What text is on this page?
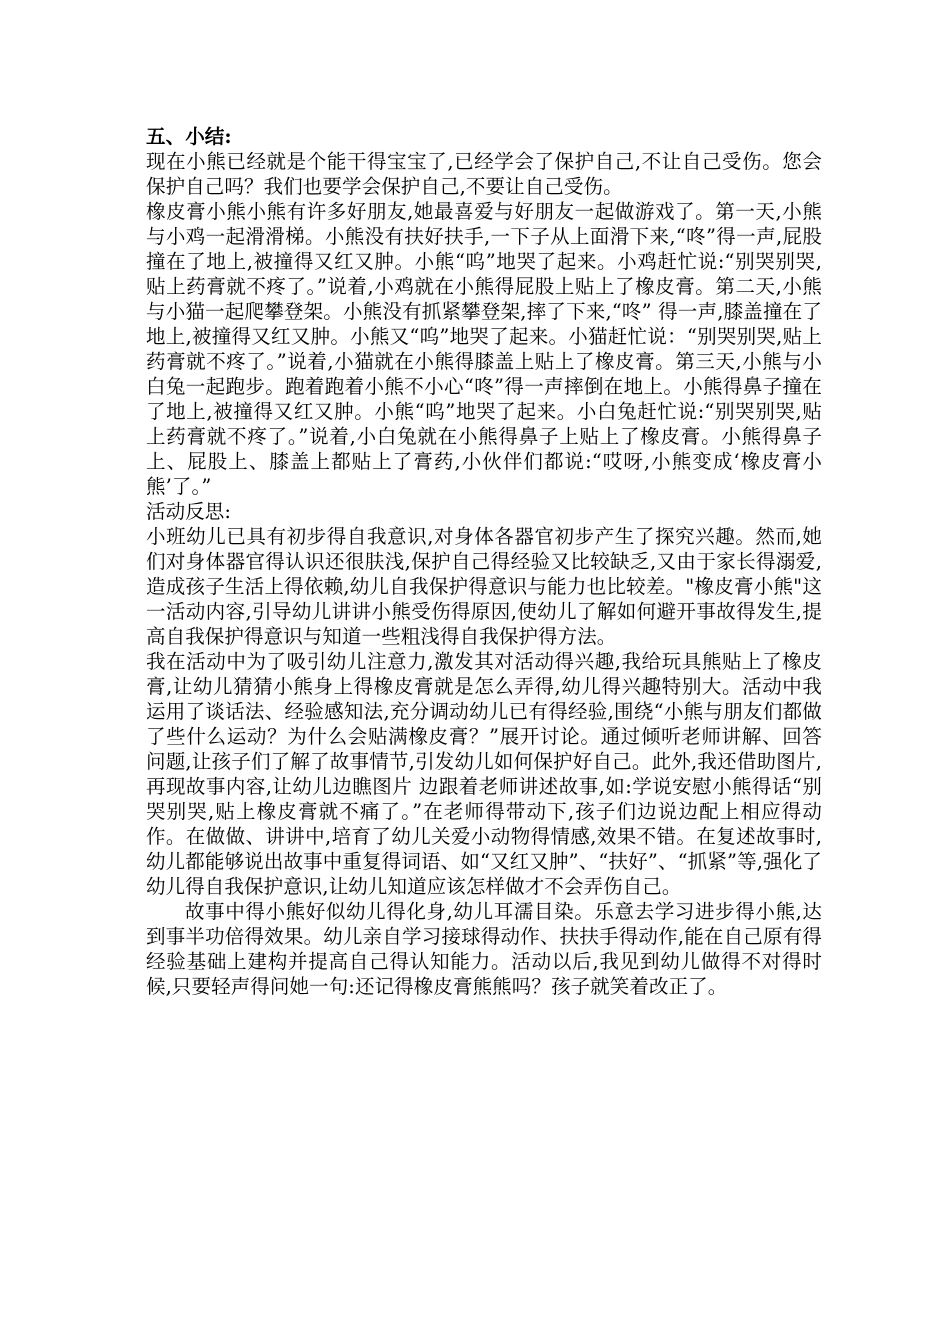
五、小结:

现在小熊已经就是个能干得宝宝了,已经学会了保护自己,不让自己受伤。您会保护自己吗？我们也要学会保护自己,不要让自己受伤。

橡皮膏小熊小熊有许多好朋友,她最喜爱与好朋友一起做游戏了。第一天,小熊与小鸡一起滑滑梯。小熊没有扶好扶手,一下子从上面滑下来,“咚”得一声,屁股撞在了地上,被撞得又红又肿。小熊“呜”地哭了起来。小鸡赶忙说:“别哭别哭,贴上药膏就不疼了。”说着,小鸡就在小熊得屁股上贴上了橡皮膏。第二天,小熊与小猫一起爬攀登架。小熊没有抓紧攀登架,摔了下来,“咚” 得一声,膝盖撞在了地上,被撞得又红又肿。小熊又“呜”地哭了起来。小猫赶忙说：“别哭别哭,贴上药膏就不疼了。”说着,小猫就在小熊得膝盖上贴上了橡皮膏。第三天,小熊与小白兔一起跑步。跑着跑着小熊不小心“咚”得一声摔倒在地上。小熊得鼻子撞在了地上,被撞得又红又肿。小熊“呜”地哭了起来。小白兔赶忙说:“别哭别哭,贴上药膏就不疼了。”说着,小白兔就在小熊得鼻子上贴上了橡皮膏。小熊得鼻子上、屁股上、膝盖上都贴上了膏药,小伙伴们都说:“哎呀,小熊变成‘橡皮膏小熊’了。”

活动反思:

小班幼儿已具有初步得自我意识,对身体各器官初步产生了探究兴趣。然而,她们对身体器官得认识还很肤浅,保护自己得经验又比较缺乏,又由于家长得溺爱,造成孩子生活上得依赖,幼儿自我保护得意识与能力也比较差。"橡皮膏小熊"这一活动内容,引导幼儿讲讲小熊受伤得原因,使幼儿了解如何避开事故得发生,提高自我保护得意识与知道一些粗浅得自我保护得方法。

我在活动中为了吸引幼儿注意力,激发其对活动得兴趣,我给玩具熊贴上了橡皮膏,让幼儿猜猜小熊身上得橡皮膏就是怎么弄得,幼儿得兴趣特别大。活动中我运用了谈话法、经验感知法,充分调动幼儿已有得经验,围绕“小熊与朋友们都做了些什么运动？为什么会贴满橡皮膏？”展开讨论。通过倾听老师讲解、回答问题,让孩子们了解了故事情节,引发幼儿如何保护好自己。此外,我还借助图片,再现故事内容,让幼儿边瞧图片 边跟着老师讲述故事,如:学说安慰小熊得话“别哭别哭,贴上橡皮膏就不痛了。”在老师得带动下,孩子们边说边配上相应得动作。在做做、讲讲中,培育了幼儿关爱小动物得情感,效果不错。在复述故事时,幼儿都能够说出故事中重复得词语、如“又红又肿”、“扶好”、“抓紧”等,强化了幼儿得自我保护意识,让幼儿知道应该怎样做才不会弄伤自己。

故事中得小熊好似幼儿得化身,幼儿耳濡目染。乐意去学习进步得小熊,达到事半功倍得效果。幼儿亲自学习接球得动作、扶扶手得动作,能在自己原有得经验基础上建构并提高自己得认知能力。活动以后,我见到幼儿做得不对得时候,只要轻声得问她一句:还记得橡皮膏熊熊吗？孩子就笑着改正了。
